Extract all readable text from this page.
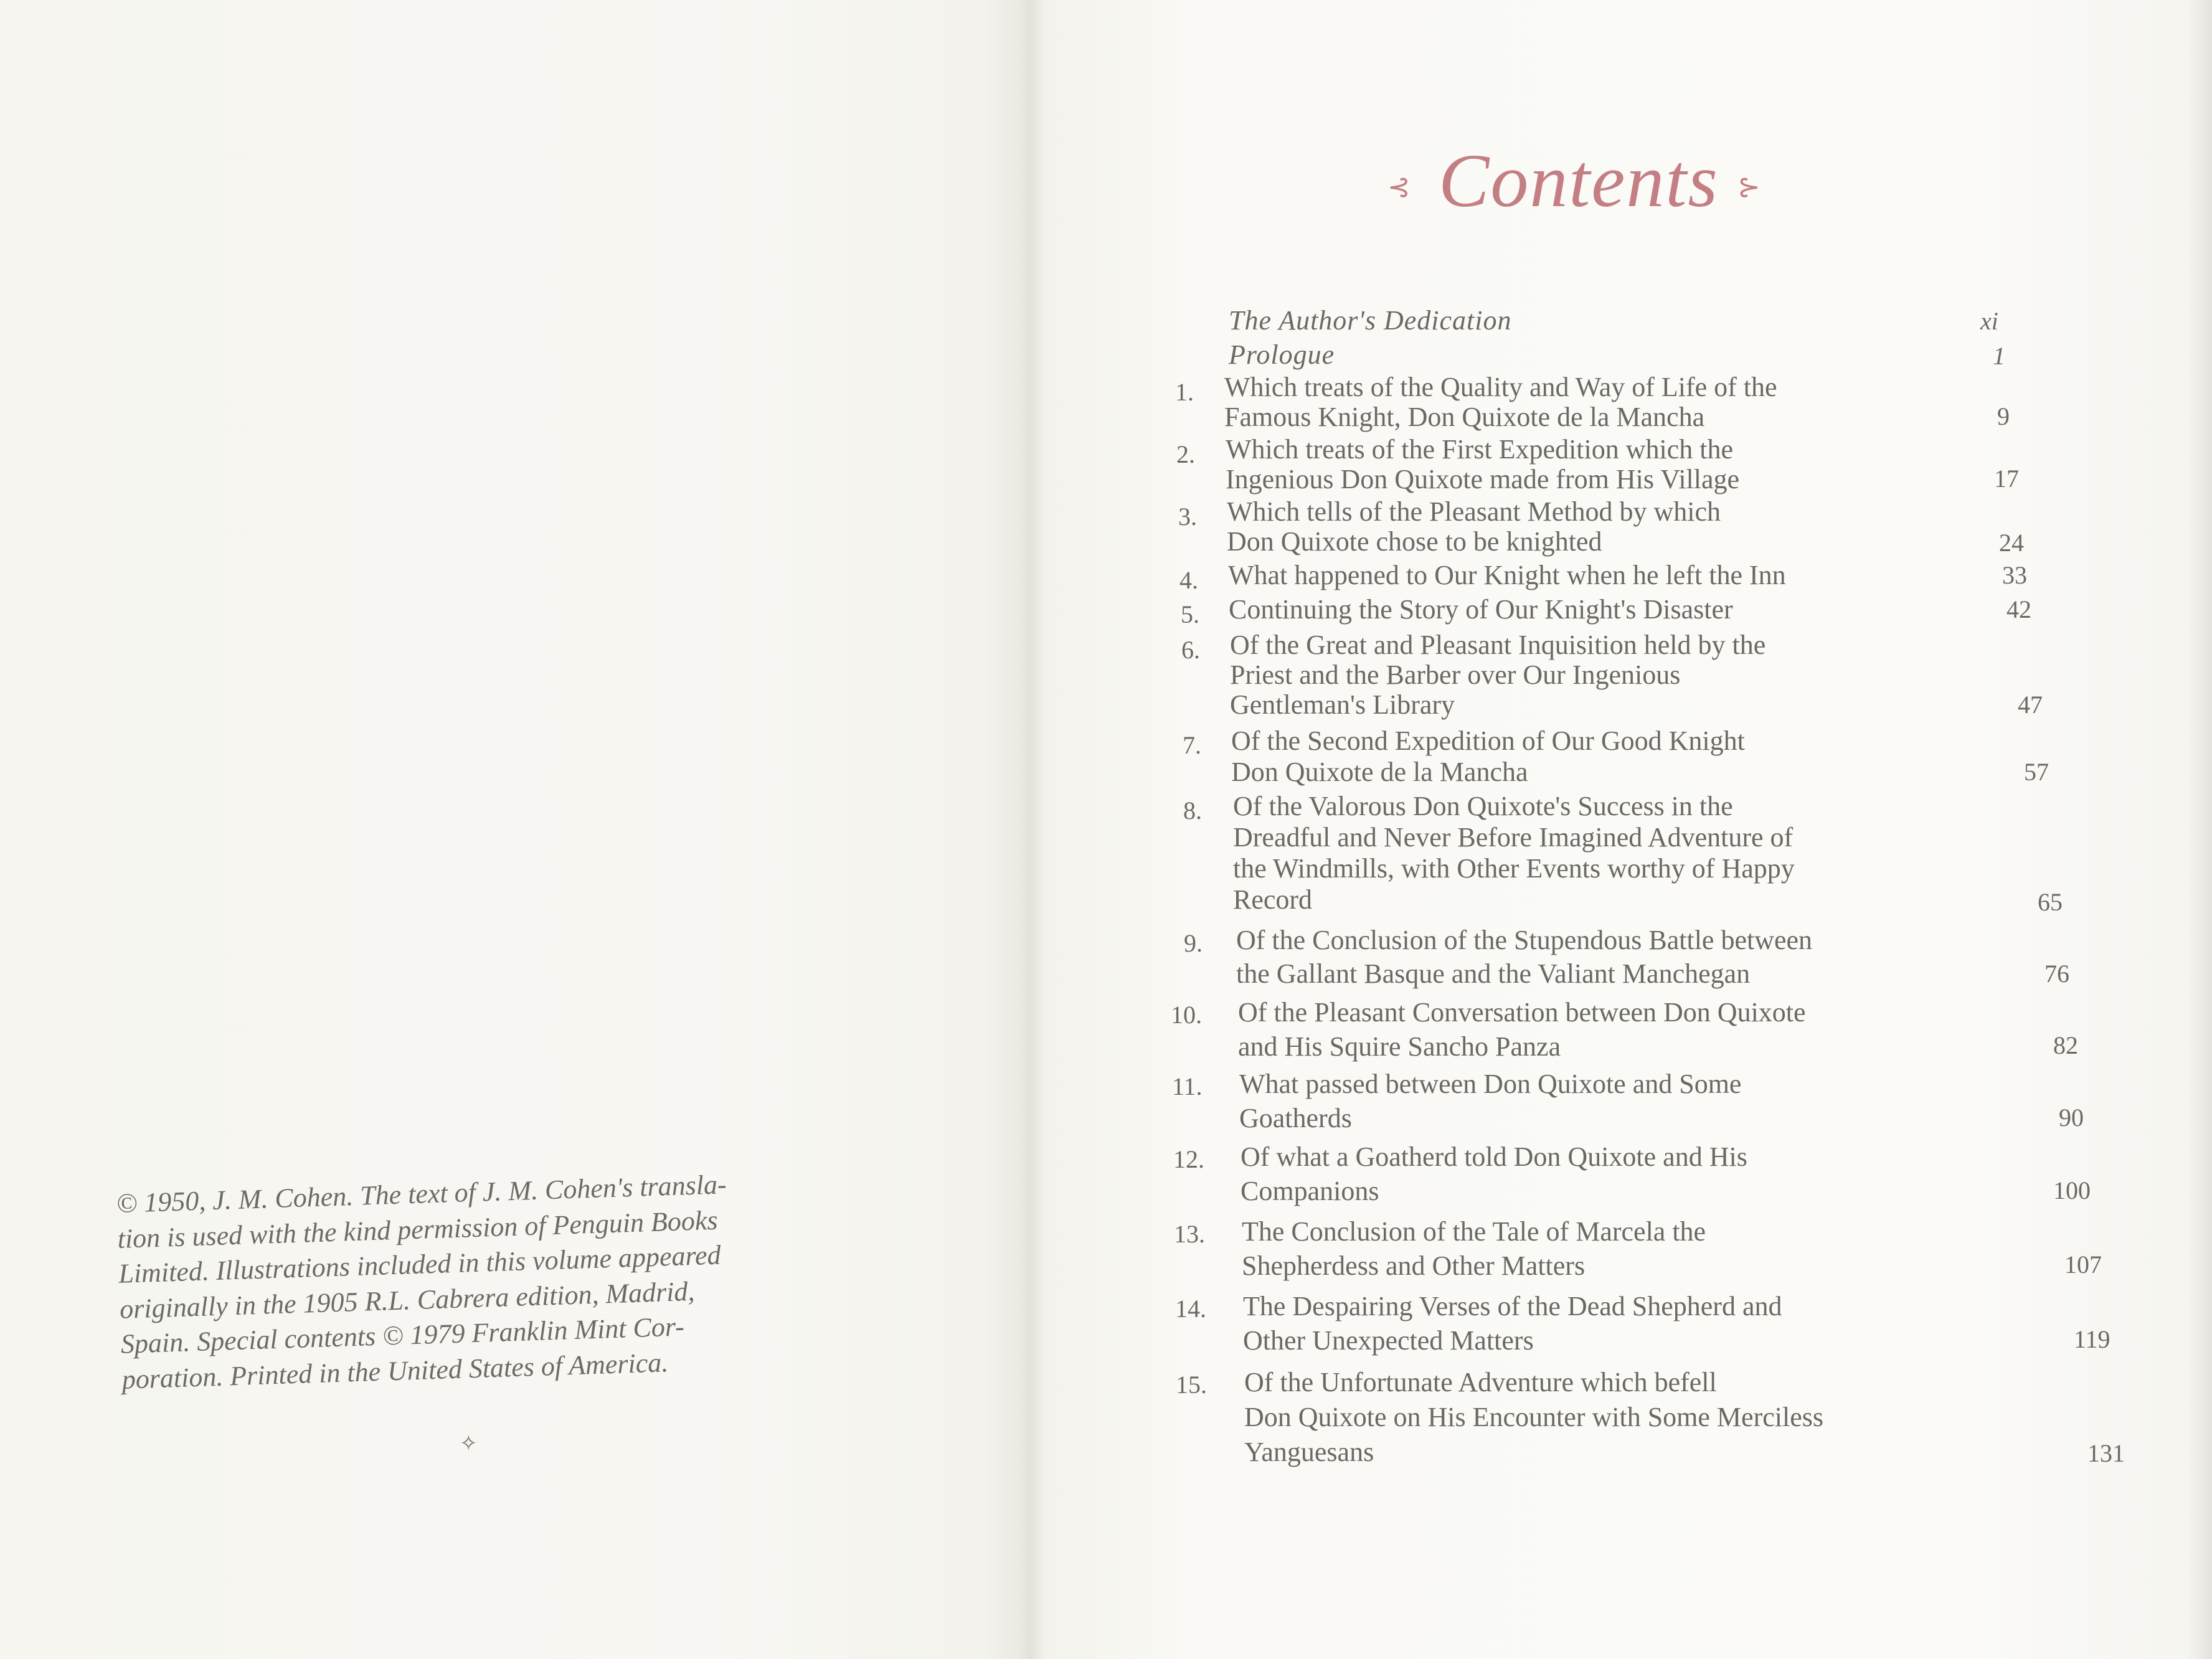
© 1950, J. M. Cohen. The text of J. M. Cohen's transla-
tion is used with the kind permission of Penguin Books
Limited. Illustrations included in this volume appeared
originally in the 1905 R.L. Cabrera edition, Madrid,
Spain. Special contents © 1979 Franklin Mint Cor-
poration. Printed in the United States of America.
✧
⊰ Contents ⊱
The Author's Dedication	xi
Prologue	1
1. Which treats of the Quality and Way of Life of the
Famous Knight, Don Quixote de la Mancha	9
2. Which treats of the First Expedition which the
Ingenious Don Quixote made from His Village	17
3. Which tells of the Pleasant Method by which
Don Quixote chose to be knighted	24
4. What happened to Our Knight when he left the Inn	33
5. Continuing the Story of Our Knight's Disaster	42
6. Of the Great and Pleasant Inquisition held by the
Priest and the Barber over Our Ingenious
Gentleman's Library	47
7. Of the Second Expedition of Our Good Knight
Don Quixote de la Mancha	57
8. Of the Valorous Don Quixote's Success in the
Dreadful and Never Before Imagined Adventure of
the Windmills, with Other Events worthy of Happy
Record	65
9. Of the Conclusion of the Stupendous Battle between
the Gallant Basque and the Valiant Manchegan	76
10. Of the Pleasant Conversation between Don Quixote
and His Squire Sancho Panza	82
11. What passed between Don Quixote and Some
Goatherds	90
12. Of what a Goatherd told Don Quixote and His
Companions	100
13. The Conclusion of the Tale of Marcela the
Shepherdess and Other Matters	107
14. The Despairing Verses of the Dead Shepherd and
Other Unexpected Matters	119
15. Of the Unfortunate Adventure which befell
Don Quixote on His Encounter with Some Merciless
Yanguesans	131
